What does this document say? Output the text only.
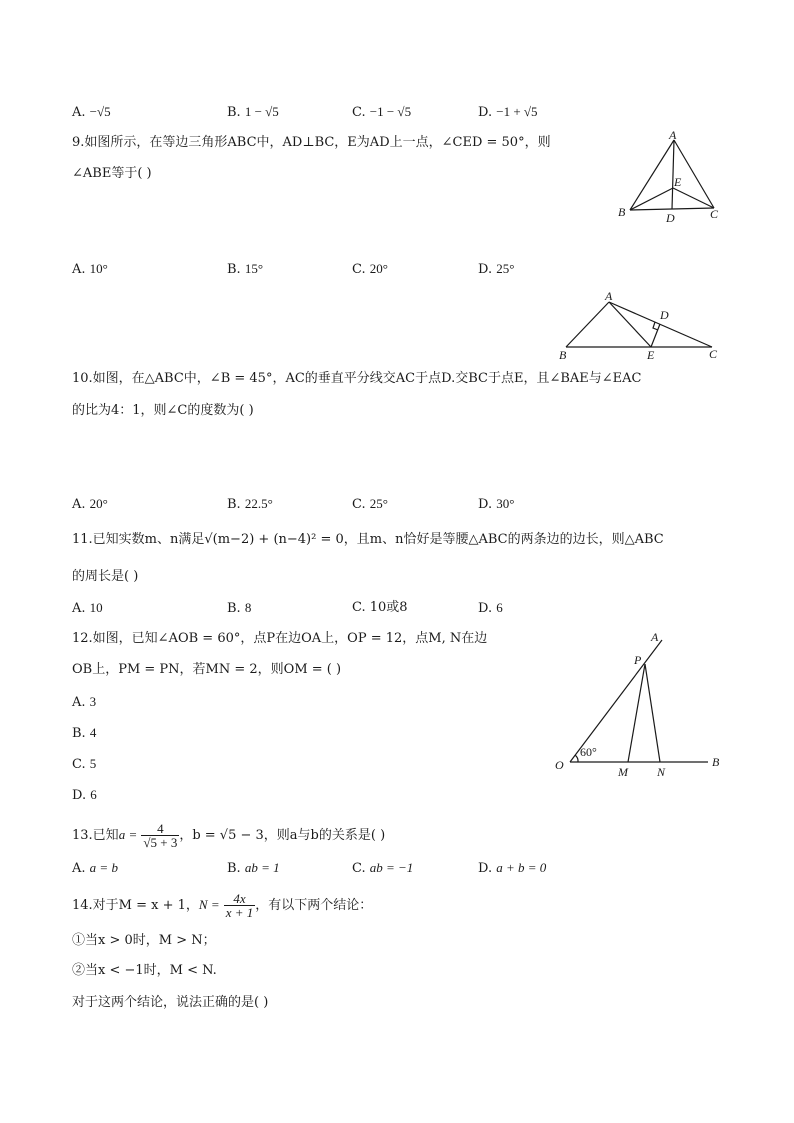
A. −√5	B. 1 − √5	C. −1 − √5	D. −1 + √5
9.如图所示，在等边三角形ABC中，AD⊥BC，E为AD上一点，∠CED = 50°，则
∠ABE等于( )
A
B	C
D
E
A. 10°	B. 15°	C. 20°	D. 25°
A
B	C
D
E
10.如图，在△ABC中，∠B = 45°，AC的垂直平分线交AC于点D.交BC于点E，且∠BAE与∠EAC
的比为4：1，则∠C的度数为( )
A. 20°	B. 22.5°	C. 25°	D. 30°
11.已知实数m、n满足√(m−2) + (n−4)² = 0，且m、n恰好是等腰△ABC的两条边的边长，则△ABC
的周长是( )
A. 10	B. 8	C. 10或8	D. 6
12.如图，已知∠AOB = 60°，点P在边OA上，OP = 12，点M, N在边
OB上，PM = PN，若MN = 2，则OM = ( )
A. 3
B. 4
C. 5
D. 6
A
B
O
P
M N
60°
13.已知$a = \frac{4}{√5 + 3}$ ，b = √5 − 3，则a与b的关系是( )
A. a = b	B. ab = 1	C. ab = −1	D. a + b = 0
14.对于M = x + 1，$N = \frac{4x}{x + 1}$ ，有以下两个结论：
①当x > 0时，M > N；
②当x < −1时，M < N.
对于这两个结论，说法正确的是( )
